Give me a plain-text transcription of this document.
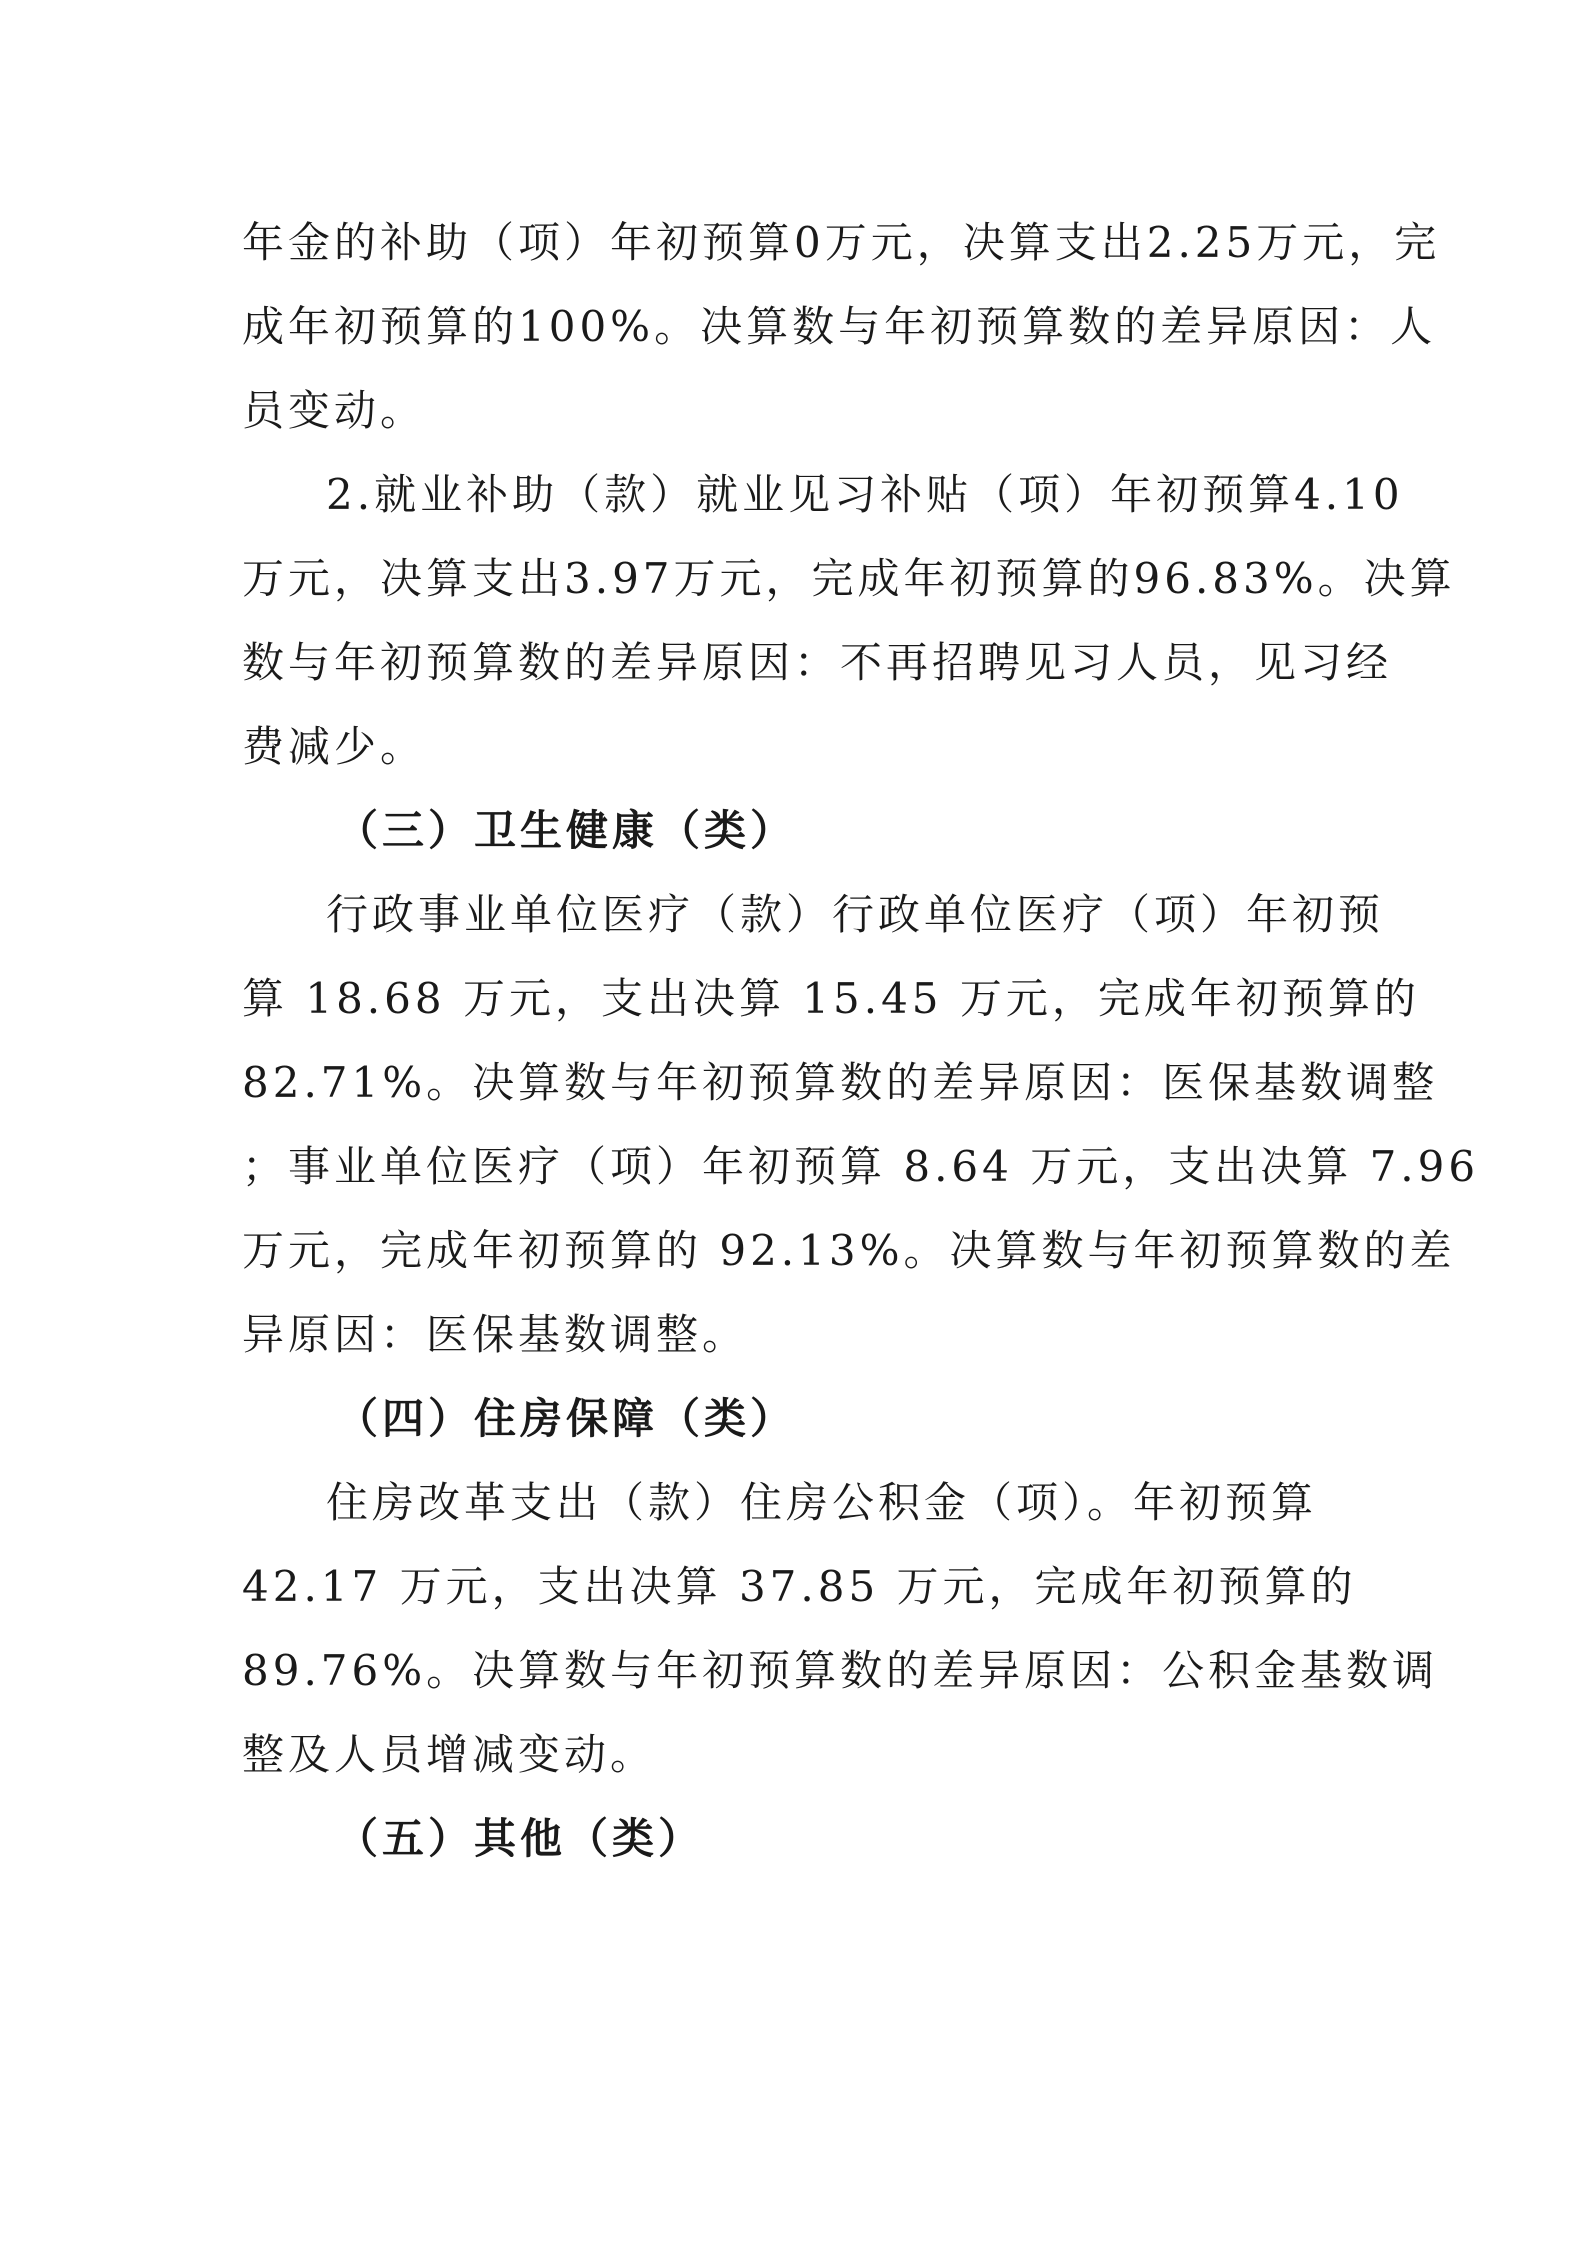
年金的补助（项）年初预算0万元，决算支出2.25万元，完
成年初预算的100%。决算数与年初预算数的差异原因：人
员变动。
2.就业补助（款）就业见习补贴（项）年初预算4.10
万元，决算支出3.97万元，完成年初预算的96.83%。决算
数与年初预算数的差异原因：不再招聘见习人员，见习经
费减少。
（三）卫生健康（类）
行政事业单位医疗（款）行政单位医疗（项）年初预
算 18.68 万元，支出决算 15.45 万元，完成年初预算的
82.71%。决算数与年初预算数的差异原因：医保基数调整
；事业单位医疗（项）年初预算 8.64 万元，支出决算 7.96
万元，完成年初预算的 92.13%。决算数与年初预算数的差
异原因：医保基数调整。
（四）住房保障（类）
住房改革支出（款）住房公积金（项）。年初预算
42.17 万元，支出决算 37.85 万元，完成年初预算的
89.76%。决算数与年初预算数的差异原因：公积金基数调
整及人员增减变动。
（五）其他（类）
